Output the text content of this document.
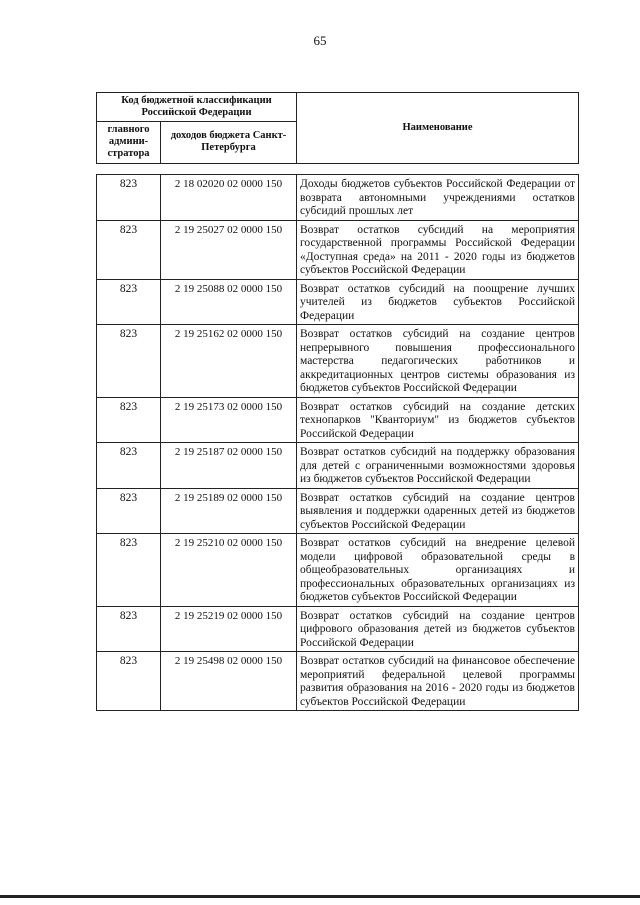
65
Код бюджетной классификации Российской Федерации		Наименование
главного админи-стратора	доходов бюджета Санкт-Петербурга	
823	2 18 02020 02 0000 150	Доходы бюджетов субъектов Российской Федерации от возврата автономными учреждениями остатков субсидий прошлых лет
823	2 19 25027 02 0000 150	Возврат остатков субсидий на мероприятия государственной программы Российской Федерации «Доступная среда» на 2011 - 2020 годы из бюджетов субъектов Российской Федерации
823	2 19 25088 02 0000 150	Возврат остатков субсидий на поощрение лучших учителей из бюджетов субъектов Российской Федерации
823	2 19 25162 02 0000 150	Возврат остатков субсидий на создание центров непрерывного повышения профессионального мастерства педагогических работников и аккредитационных центров системы образования из бюджетов субъектов Российской Федерации
823	2 19 25173 02 0000 150	Возврат остатков субсидий на создание детских технопарков "Кванториум" из бюджетов субъектов Российской Федерации
823	2 19 25187 02 0000 150	Возврат остатков субсидий на поддержку образования для детей с ограниченными возможностями здоровья из бюджетов субъектов Российской Федерации
823	2 19 25189 02 0000 150	Возврат остатков субсидий на создание центров выявления и поддержки одаренных детей из бюджетов субъектов Российской Федерации
823	2 19 25210 02 0000 150	Возврат остатков субсидий на внедрение целевой модели цифровой образовательной среды в общеобразовательных организациях и профессиональных образовательных организациях из бюджетов субъектов Российской Федерации
823	2 19 25219 02 0000 150	Возврат остатков субсидий на создание центров цифрового образования детей из бюджетов субъектов Российской Федерации
823	2 19 25498 02 0000 150	Возврат остатков субсидий на финансовое обеспечение мероприятий федеральной целевой программы развития образования на 2016 - 2020 годы из бюджетов субъектов Российской Федерации
